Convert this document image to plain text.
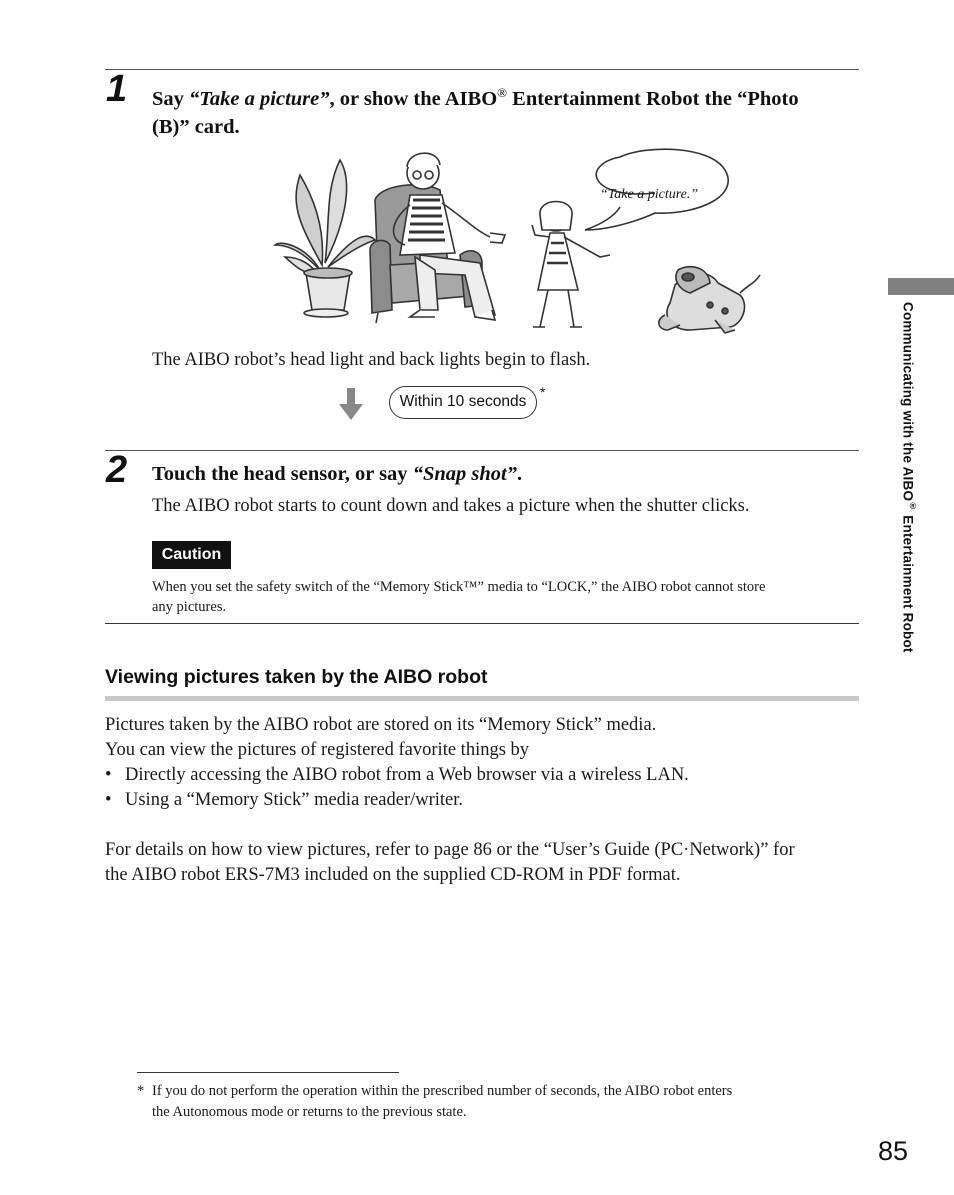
1 Say “Take a picture”, or show the AIBO® Entertainment Robot the “Photo
(B)” card.
“Take a picture.”
The AIBO robot’s head light and back lights begin to flash.
Within 10 seconds
*
2 Touch the head sensor, or say “Snap shot”.
The AIBO robot starts to count down and takes a picture when the shutter clicks.
Caution
When you set the safety switch of the “Memory Stick™” media to “LOCK,” the AIBO robot cannot store
any pictures.
Viewing pictures taken by the AIBO robot
Pictures taken by the AIBO robot are stored on its “Memory Stick” media.
You can view the pictures of registered favorite things by
• Directly accessing the AIBO robot from a Web browser via a wireless LAN.
• Using a “Memory Stick” media reader/writer.
For details on how to view pictures, refer to page 86 or the “User’s Guide (PC·Network)” for
the AIBO robot ERS-7M3 included on the supplied CD-ROM in PDF format.
* If you do not perform the operation within the prescribed number of seconds, the AIBO robot enters
the Autonomous mode or returns to the previous state.
Communicating with the AIBO® Entertainment Robot
85
